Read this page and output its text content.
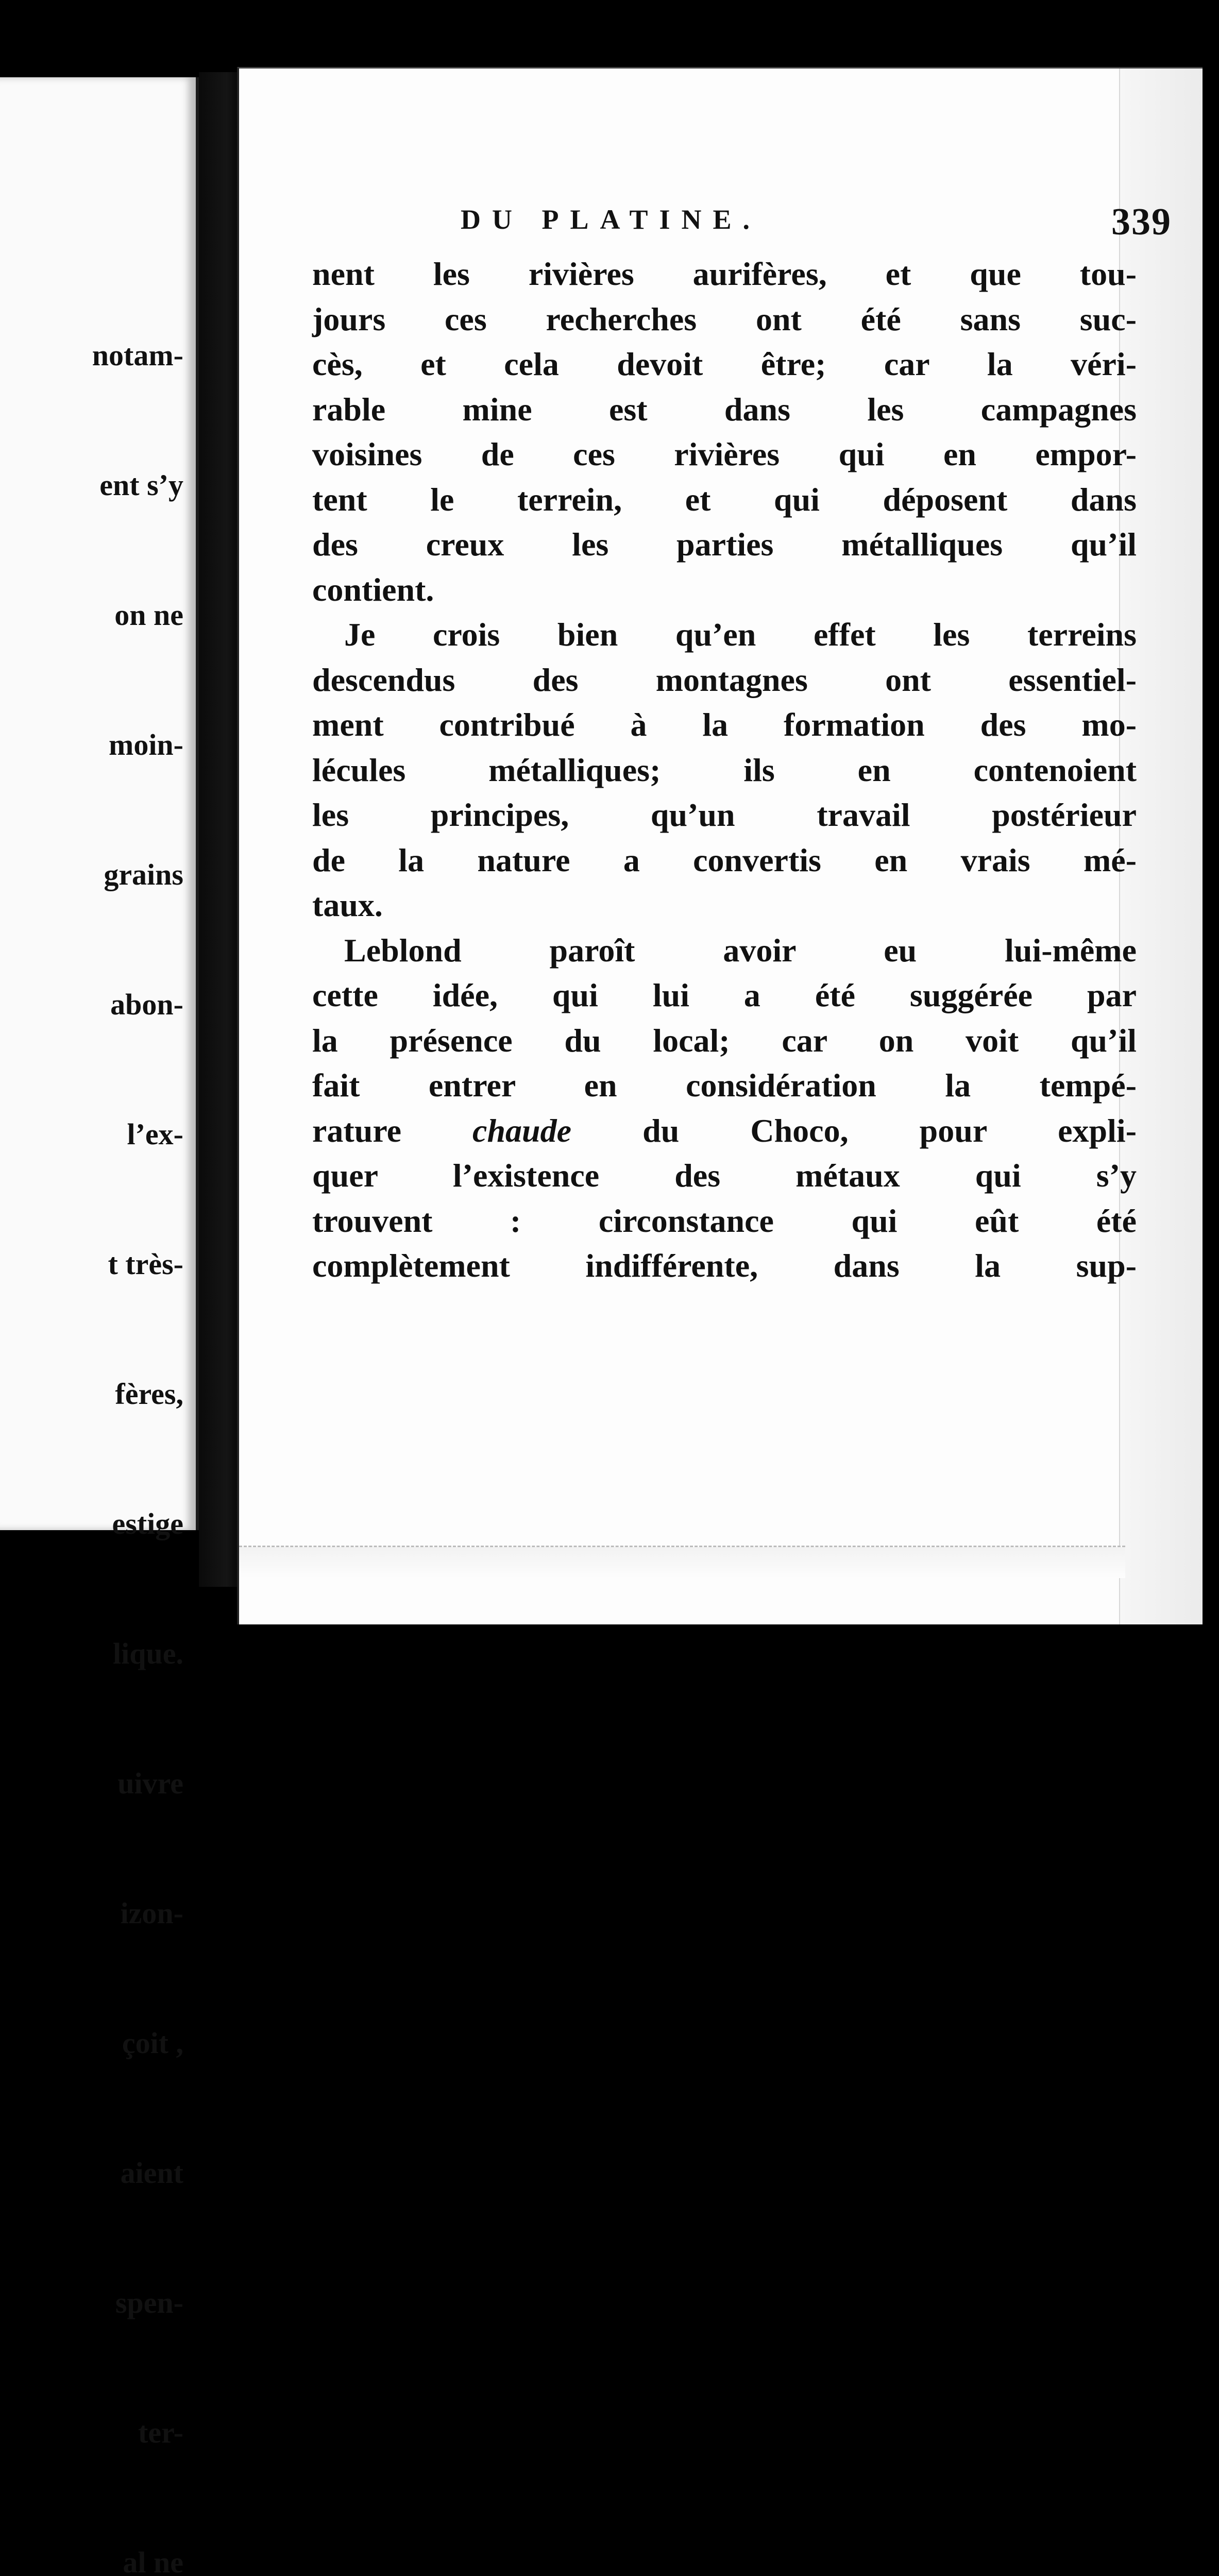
notam-

ent s’y

on ne

moin-

grains

abon-

l’ex-

t très-

fères,

estige

lique.

uivre

izon-

çoit ,

aient

spen-

ter-

al ne

DU PLATINE.	339
nent les rivières aurifères, et que tou-
jours ces recherches ont été sans suc-
cès, et cela devoit être; car la véri-
rable mine est dans les campagnes
voisines de ces rivières qui en empor-
tent le terrein, et qui déposent dans
des creux les parties métalliques qu’il
contient.
Je crois bien qu’en effet les terreins
descendus des montagnes ont essentiel-
ment contribué à la formation des mo-
lécules métalliques; ils en contenoient
les principes, qu’un travail postérieur
de la nature a convertis en vrais mé-
taux.
Leblond paroît avoir eu lui-même
cette idée, qui lui a été suggérée par
la présence du local; car on voit qu’il
fait entrer en considération la tempé-
rature chaude du Choco, pour expli-
quer l’existence des métaux qui s’y
trouvent : circonstance qui eût été
complètement indifférente, dans la sup-
